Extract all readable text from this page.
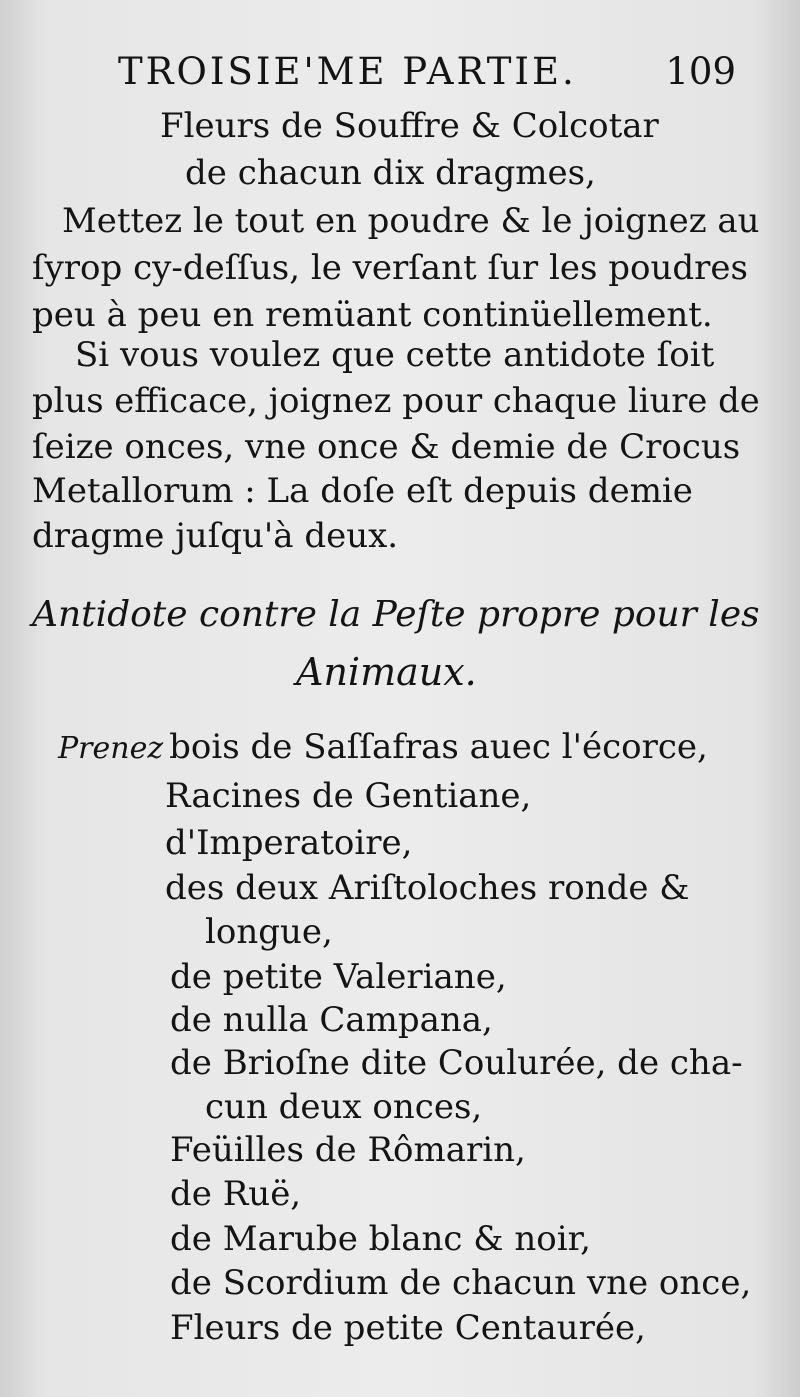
TROISIE'ME PARTIE. 109
Fleurs de Souffre & Colcotar
de chacun dix dragmes,
Mettez le tout en poudre & le joignez au
ſyrop cy-deſſus, le verſant ſur les poudres
peu à peu en remüant continüellement.
Si vous voulez que cette antidote ſoit
plus efficace, joignez pour chaque liure de
ſeize onces, vne once & demie de Crocus
Metallorum : La doſe eſt depuis demie
dragme juſqu'à deux.
Antidote contre la Peſte propre pour les
Animaux.
Prenez bois de Saſſafras auec l'écorce,
Racines de Gentiane,
d'Imperatoire,
des deux Ariſtoloches ronde &
longue,
de petite Valeriane,
de nulla Campana,
de Brioſne dite Coulurée, de cha-
cun deux onces,
Feüilles de Rômarin,
de Ruë,
de Marube blanc & noir,
de Scordium de chacun vne once,
Fleurs de petite Centaurée,
